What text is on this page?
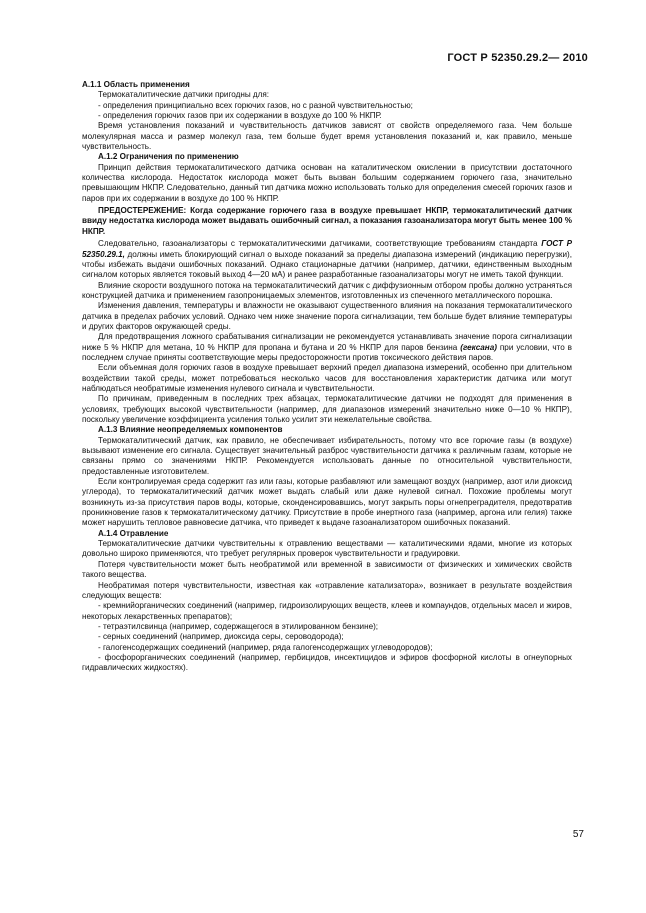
ГОСТ Р 52350.29.2— 2010

А.1.1 Область применения

Термокаталитические датчики пригодны для:

- определения принципиально всех горючих газов, но с разной чувствительностью;

- определения горючих газов при их содержании в воздухе до 100 % НКПР.

Время установления показаний и чувствительность датчиков зависят от свойств определяемого газа. Чем больше молекулярная масса и размер молекул газа, тем больше будет время установления показаний и, как правило, меньше чувствительность.

А.1.2 Ограничения по применению

Принцип действия термокаталитического датчика основан на каталитическом окислении в присутствии достаточного количества кислорода. Недостаток кислорода может быть вызван большим содержанием горючего газа, значительно превышающим НКПР. Следовательно, данный тип датчика можно использовать только для определения смесей горючих газов и паров при их содержании в воздухе до 100 % НКПР.

ПРЕДОСТЕРЕЖЕНИЕ: Когда содержание горючего газа в воздухе превышает НКПР, термокаталитический датчик ввиду недостатка кислорода может выдавать ошибочный сигнал, а показания газоанализатора могут быть менее 100 % НКПР.

Следовательно, газоанализаторы с термокаталитическими датчиками, соответствующие требованиям стандарта ГОСТ Р 52350.29.1, должны иметь блокирующий сигнал о выходе показаний за пределы диапазона измерений (индикацию перегрузки), чтобы избежать выдачи ошибочных показаний. Однако стационарные датчики (например, датчики, единственным выходным сигналом которых является токовый выход 4—20 мА) и ранее разработанные газоанализаторы могут не иметь такой функции.

Влияние скорости воздушного потока на термокаталитический датчик с диффузионным отбором пробы должно устраняться конструкцией датчика и применением газопроницаемых элементов, изготовленных из спеченного металлического порошка.

Изменения давления, температуры и влажности не оказывают существенного влияния на показания термокаталитического датчика в пределах рабочих условий. Однако чем ниже значение порога сигнализации, тем больше будет влияние температуры и других факторов окружающей среды.

Для предотвращения ложного срабатывания сигнализации не рекомендуется устанавливать значение порога сигнализации ниже 5 % НКПР для метана, 10 % НКПР для пропана и бутана и 20 % НКПР для паров бензина (гексана) при условии, что в последнем случае приняты соответствующие меры предосторожности против токсического действия паров.

Если объемная доля горючих газов в воздухе превышает верхний предел диапазона измерений, особенно при длительном воздействии такой среды, может потребоваться несколько часов для восстановления характеристик датчика или могут наблюдаться необратимые изменения нулевого сигнала и чувствительности.

По причинам, приведенным в последних трех абзацах, термокаталитические датчики не подходят для применения в условиях, требующих высокой чувствительности (например, для диапазонов измерений значительно ниже 0—10 % НКПР), поскольку увеличение коэффициента усиления только усилит эти нежелательные свойства.

А.1.3 Влияние неопределяемых компонентов

Термокаталитический датчик, как правило, не обеспечивает избирательность, потому что все горючие газы (в воздухе) вызывают изменение его сигнала. Существует значительный разброс чувствительности датчика к различным газам, которые не связаны прямо со значениями НКПР. Рекомендуется использовать данные по относительной чувствительности, предоставленные изготовителем.

Если контролируемая среда содержит газ или газы, которые разбавляют или замещают воздух (например, азот или диоксид углерода), то термокаталитический датчик может выдать слабый или даже нулевой сигнал. Похожие проблемы могут возникнуть из-за присутствия паров воды, которые, сконденсировавшись, могут закрыть поры огнепреградителя, предотвратив проникновение газов к термокаталитическому датчику. Присутствие в пробе инертного газа (например, аргона или гелия) также может нарушить тепловое равновесие датчика, что приведет к выдаче газоанализатором ошибочных показаний.

А.1.4 Отравление

Термокаталитические датчики чувствительны к отравлению веществами — каталитическими ядами, многие из которых довольно широко применяются, что требует регулярных проверок чувствительности и градуировки.

Потеря чувствительности может быть необратимой или временной в зависимости от физических и химических свойств такого вещества.

Необратимая потеря чувствительности, известная как «отравление катализатора», возникает в результате воздействия следующих веществ:

- кремнийорганических соединений (например, гидроизолирующих веществ, клеев и компаундов, отдельных масел и жиров, некоторых лекарственных препаратов);

- тетраэтилсвинца (например, содержащегося в этилированном бензине);

- серных соединений (например, диоксида серы, сероводорода);

- галогенсодержащих соединений (например, ряда галогенсодержащих углеводородов);

- фосфорорганических соединений (например, гербицидов, инсектицидов и эфиров фосфорной кислоты в огнеупорных гидравлических жидкостях).

57
